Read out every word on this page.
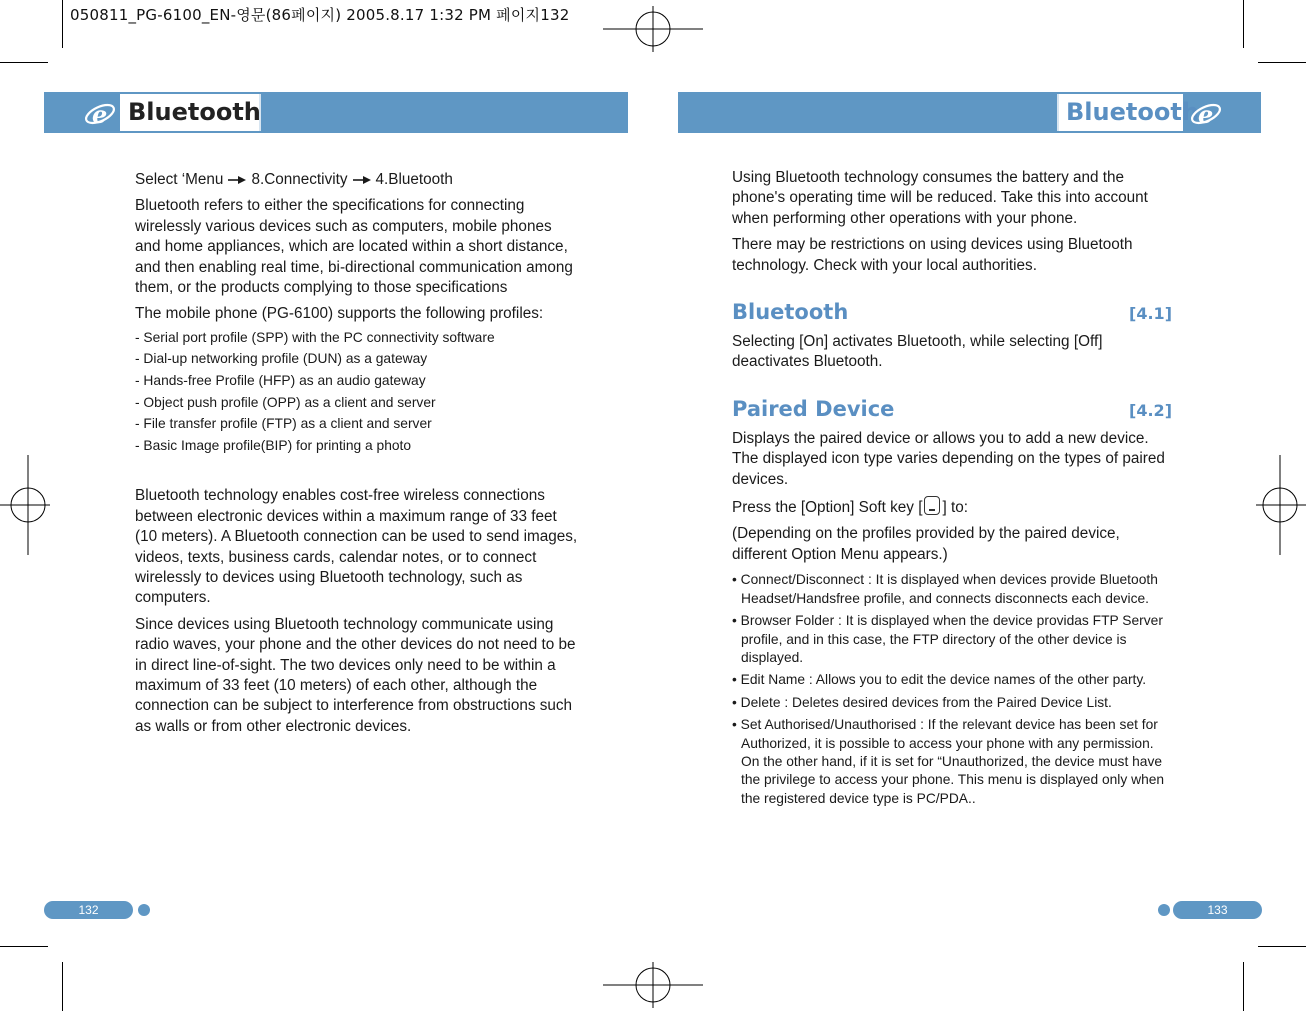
050811_PG-6100_EN-영문(86페이지) 2005.8.17 1:32 PM 페이지132
e Bluetooth	Bluetooth e

Select ‘Menu 8.Connectivity 4.Bluetooth

Bluetooth refers to either the specifications for connecting wirelessly various devices such as computers, mobile phones and home appliances, which are located within a short distance, and then enabling real time, bi-directional communication among them, or the products complying to those specifications

The mobile phone (PG-6100) supports the following profiles:

- Serial port profile (SPP) with the PC connectivity software
- Dial-up networking profile (DUN) as a gateway
- Hands-free Profile (HFP) as an audio gateway
- Object push profile (OPP) as a client and server
- File transfer profile (FTP) as a client and server
- Basic Image profile(BIP) for printing a photo

Bluetooth technology enables cost-free wireless connections between electronic devices within a maximum range of 33 feet (10 meters). A Bluetooth connection can be used to send images, videos, texts, business cards, calendar notes, or to connect wirelessly to devices using Bluetooth technology, such as computers.

Since devices using Bluetooth technology communicate using radio waves, your phone and the other devices do not need to be in direct line-of-sight. The two devices only need to be within a maximum of 33 feet (10 meters) of each other, although the connection can be subject to interference from obstructions such as walls or from other electronic devices.

Using Bluetooth technology consumes the battery and the phone's operating time will be reduced. Take this into account when performing other operations with your phone.

There may be restrictions on using devices using Bluetooth technology. Check with your local authorities.

Bluetooth	[4.1]

Selecting [On] activates Bluetooth, while selecting [Off] deactivates Bluetooth.

Paired Device	[4.2]

Displays the paired device or allows you to add a new device. The displayed icon type varies depending on the types of paired devices.

Press the [Option] Soft key [ ] to:

(Depending on the profiles provided by the paired device, different Option Menu appears.)

• Connect/Disconnect : It is displayed when devices provide Bluetooth Headset/Handsfree profile, and connects disconnects each device.

• Browser Folder : It is displayed when the device providas FTP Server profile, and in this case, the FTP directory of the other device is displayed.

• Edit Name : Allows you to edit the device names of the other party.

• Delete : Deletes desired devices from the Paired Device List.

• Set Authorised/Unauthorised : If the relevant device has been set for Authorized, it is possible to access your phone with any permission. On the other hand, if it is set for “Unauthorized, the device must have the privilege to access your phone. This menu is displayed only when the registered device type is PC/PDA..

132	133
